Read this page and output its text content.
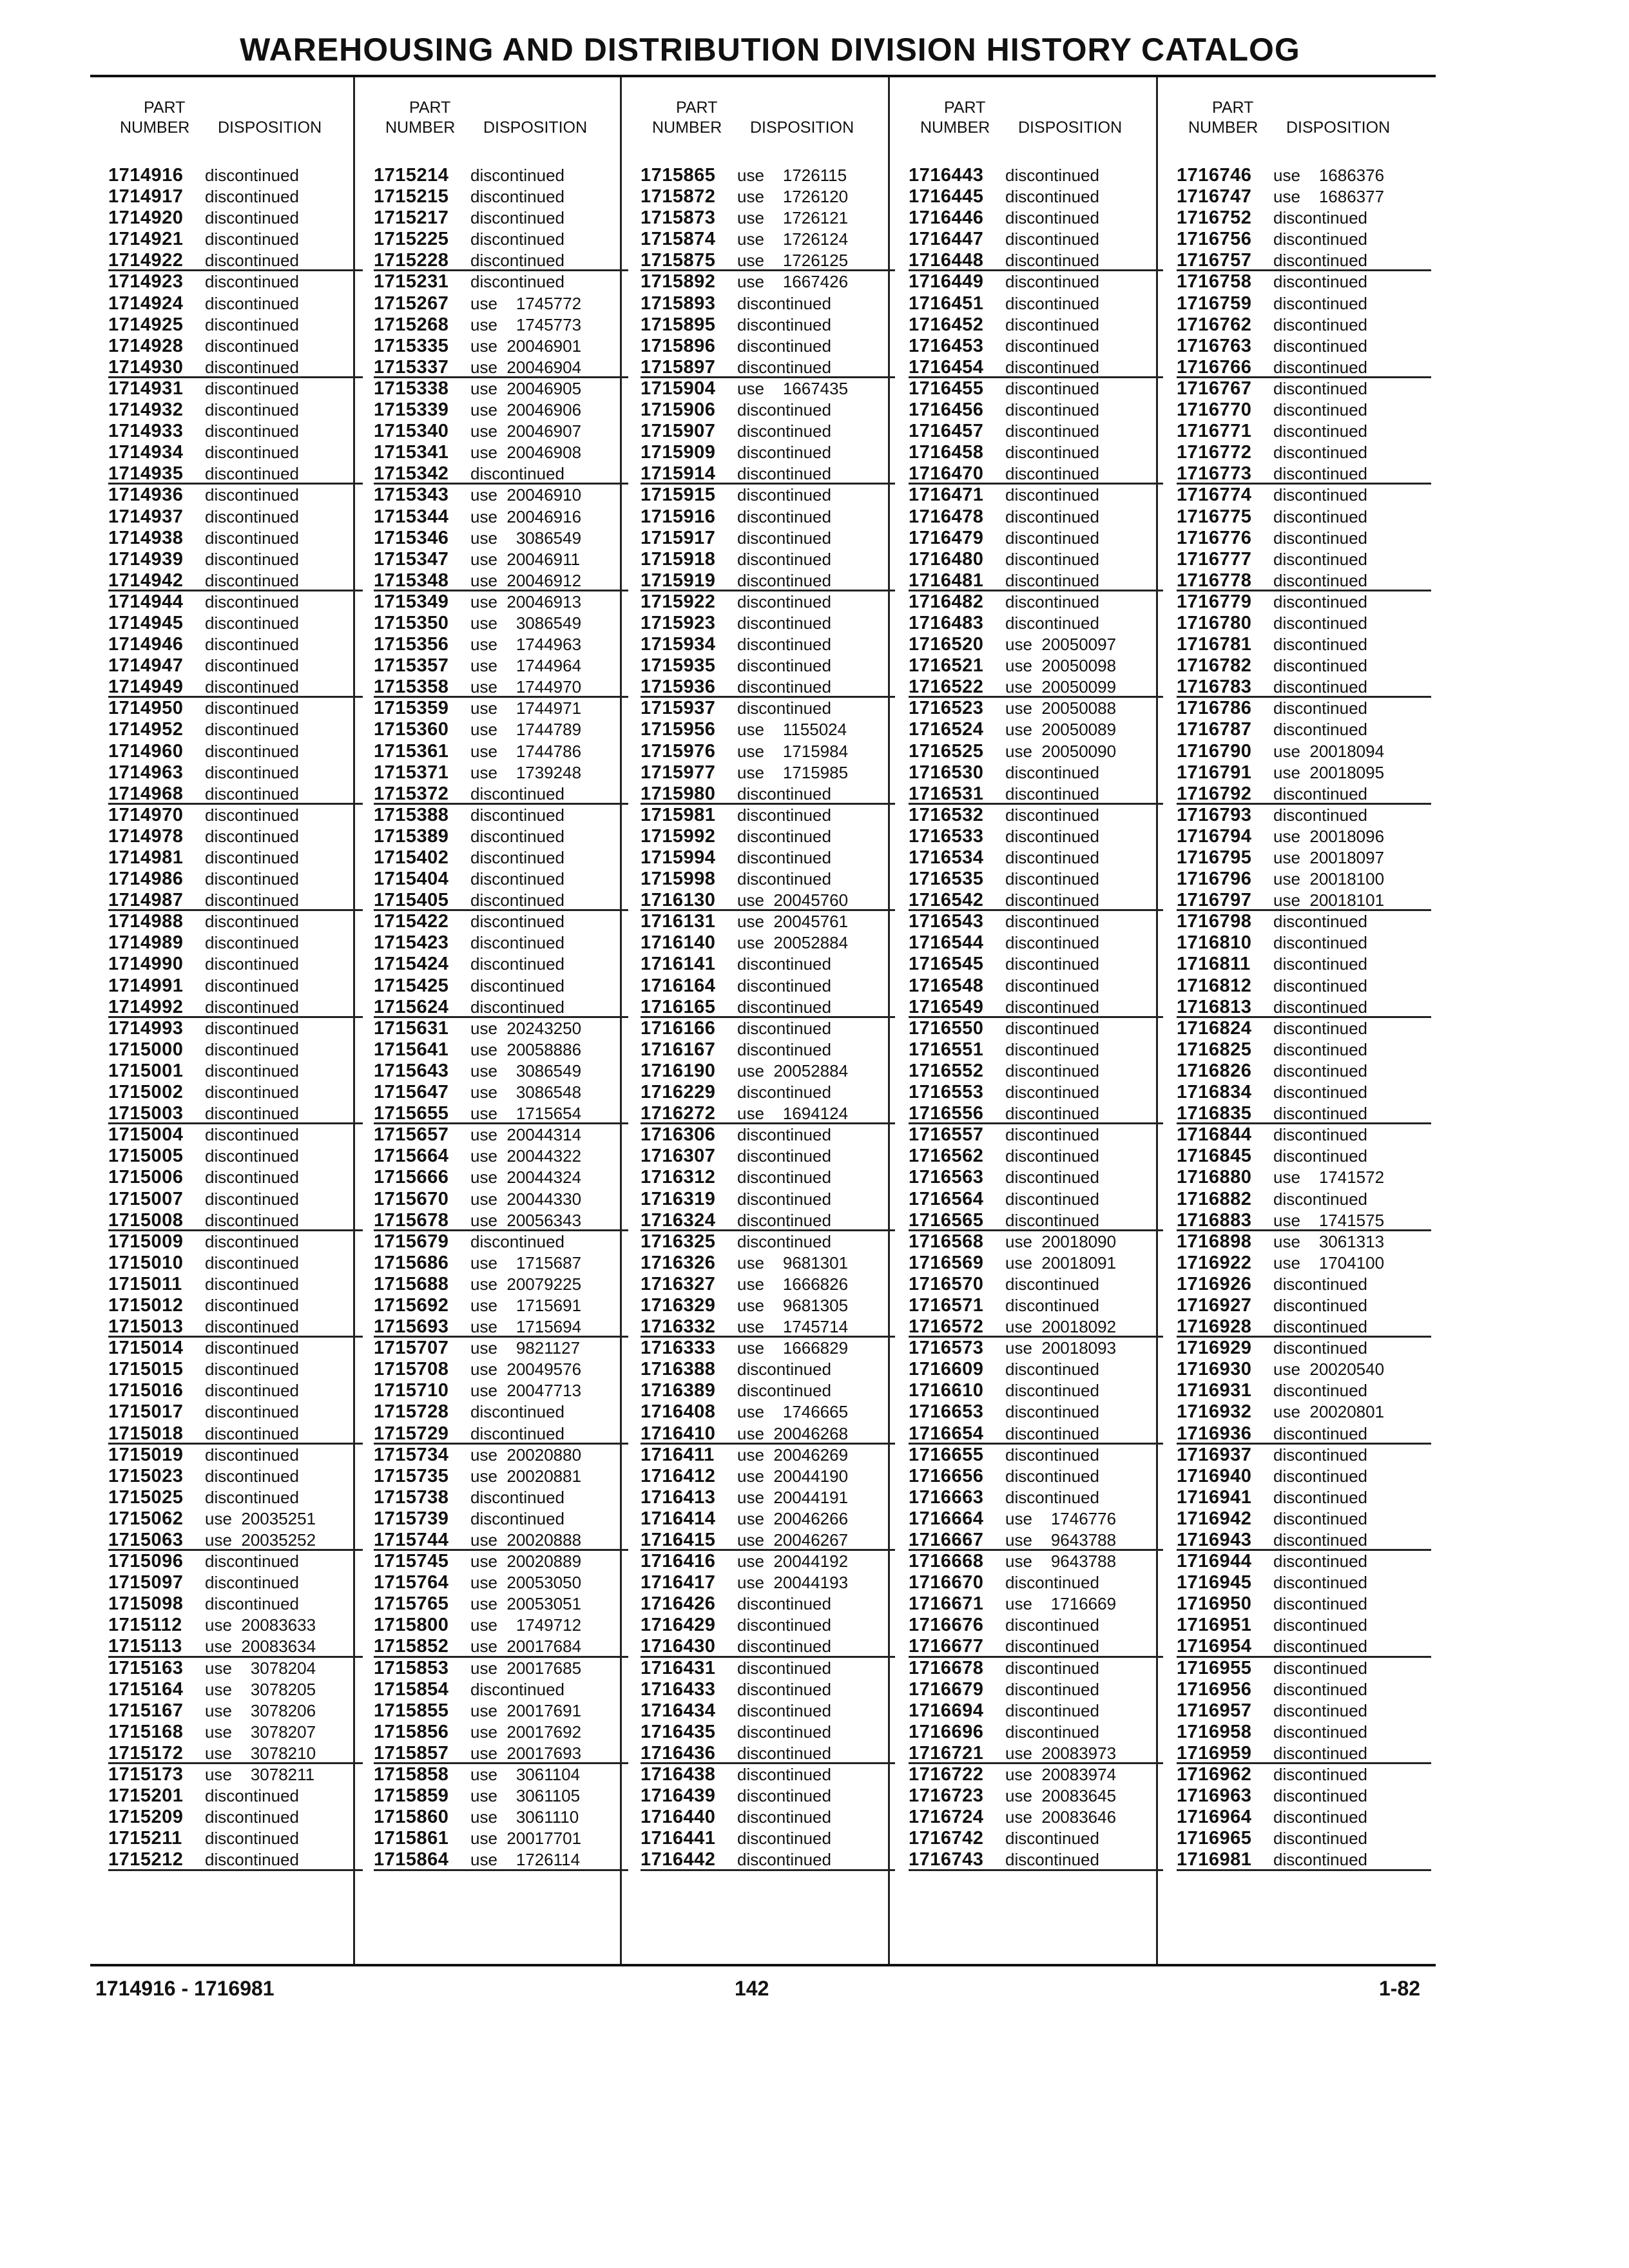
WAREHOUSING AND DISTRIBUTION DIVISION HISTORY CATALOG
PART
NUMBER DISPOSITION
1714916 discontinued
1714917 discontinued
1714920 discontinued
1714921 discontinued
1714922 discontinued
1714923 discontinued
1714924 discontinued
1714925 discontinued
1714928 discontinued
1714930 discontinued
1714931 discontinued
1714932 discontinued
1714933 discontinued
1714934 discontinued
1714935 discontinued
1714936 discontinued
1714937 discontinued
1714938 discontinued
1714939 discontinued
1714942 discontinued
1714944 discontinued
1714945 discontinued
1714946 discontinued
1714947 discontinued
1714949 discontinued
1714950 discontinued
1714952 discontinued
1714960 discontinued
1714963 discontinued
1714968 discontinued
1714970 discontinued
1714978 discontinued
1714981 discontinued
1714986 discontinued
1714987 discontinued
1714988 discontinued
1714989 discontinued
1714990 discontinued
1714991 discontinued
1714992 discontinued
1714993 discontinued
1715000 discontinued
1715001 discontinued
1715002 discontinued
1715003 discontinued
1715004 discontinued
1715005 discontinued
1715006 discontinued
1715007 discontinued
1715008 discontinued
1715009 discontinued
1715010 discontinued
1715011 discontinued
1715012 discontinued
1715013 discontinued
1715014 discontinued
1715015 discontinued
1715016 discontinued
1715017 discontinued
1715018 discontinued
1715019 discontinued
1715023 discontinued
1715025 discontinued
1715062 use  20035251
1715063 use  20035252
1715096 discontinued
1715097 discontinued
1715098 discontinued
1715112 use  20083633
1715113 use  20083634
1715163 use    3078204
1715164 use    3078205
1715167 use    3078206
1715168 use    3078207
1715172 use    3078210
1715173 use    3078211
1715201 discontinued
1715209 discontinued
1715211 discontinued
1715212 discontinued
PART
NUMBER DISPOSITION
1715214 discontinued
1715215 discontinued
1715217 discontinued
1715225 discontinued
1715228 discontinued
1715231 discontinued
1715267 use    1745772
1715268 use    1745773
1715335 use  20046901
1715337 use  20046904
1715338 use  20046905
1715339 use  20046906
1715340 use  20046907
1715341 use  20046908
1715342 discontinued
1715343 use  20046910
1715344 use  20046916
1715346 use    3086549
1715347 use  20046911
1715348 use  20046912
1715349 use  20046913
1715350 use    3086549
1715356 use    1744963
1715357 use    1744964
1715358 use    1744970
1715359 use    1744971
1715360 use    1744789
1715361 use    1744786
1715371 use    1739248
1715372 discontinued
1715388 discontinued
1715389 discontinued
1715402 discontinued
1715404 discontinued
1715405 discontinued
1715422 discontinued
1715423 discontinued
1715424 discontinued
1715425 discontinued
1715624 discontinued
1715631 use  20243250
1715641 use  20058886
1715643 use    3086549
1715647 use    3086548
1715655 use    1715654
1715657 use  20044314
1715664 use  20044322
1715666 use  20044324
1715670 use  20044330
1715678 use  20056343
1715679 discontinued
1715686 use    1715687
1715688 use  20079225
1715692 use    1715691
1715693 use    1715694
1715707 use    9821127
1715708 use  20049576
1715710 use  20047713
1715728 discontinued
1715729 discontinued
1715734 use  20020880
1715735 use  20020881
1715738 discontinued
1715739 discontinued
1715744 use  20020888
1715745 use  20020889
1715764 use  20053050
1715765 use  20053051
1715800 use    1749712
1715852 use  20017684
1715853 use  20017685
1715854 discontinued
1715855 use  20017691
1715856 use  20017692
1715857 use  20017693
1715858 use    3061104
1715859 use    3061105
1715860 use    3061110
1715861 use  20017701
1715864 use    1726114
PART
NUMBER DISPOSITION
1715865 use    1726115
1715872 use    1726120
1715873 use    1726121
1715874 use    1726124
1715875 use    1726125
1715892 use    1667426
1715893 discontinued
1715895 discontinued
1715896 discontinued
1715897 discontinued
1715904 use    1667435
1715906 discontinued
1715907 discontinued
1715909 discontinued
1715914 discontinued
1715915 discontinued
1715916 discontinued
1715917 discontinued
1715918 discontinued
1715919 discontinued
1715922 discontinued
1715923 discontinued
1715934 discontinued
1715935 discontinued
1715936 discontinued
1715937 discontinued
1715956 use    1155024
1715976 use    1715984
1715977 use    1715985
1715980 discontinued
1715981 discontinued
1715992 discontinued
1715994 discontinued
1715998 discontinued
1716130 use  20045760
1716131 use  20045761
1716140 use  20052884
1716141 discontinued
1716164 discontinued
1716165 discontinued
1716166 discontinued
1716167 discontinued
1716190 use  20052884
1716229 discontinued
1716272 use    1694124
1716306 discontinued
1716307 discontinued
1716312 discontinued
1716319 discontinued
1716324 discontinued
1716325 discontinued
1716326 use    9681301
1716327 use    1666826
1716329 use    9681305
1716332 use    1745714
1716333 use    1666829
1716388 discontinued
1716389 discontinued
1716408 use    1746665
1716410 use  20046268
1716411 use  20046269
1716412 use  20044190
1716413 use  20044191
1716414 use  20046266
1716415 use  20046267
1716416 use  20044192
1716417 use  20044193
1716426 discontinued
1716429 discontinued
1716430 discontinued
1716431 discontinued
1716433 discontinued
1716434 discontinued
1716435 discontinued
1716436 discontinued
1716438 discontinued
1716439 discontinued
1716440 discontinued
1716441 discontinued
1716442 discontinued
PART
NUMBER DISPOSITION
1716443 discontinued
1716445 discontinued
1716446 discontinued
1716447 discontinued
1716448 discontinued
1716449 discontinued
1716451 discontinued
1716452 discontinued
1716453 discontinued
1716454 discontinued
1716455 discontinued
1716456 discontinued
1716457 discontinued
1716458 discontinued
1716470 discontinued
1716471 discontinued
1716478 discontinued
1716479 discontinued
1716480 discontinued
1716481 discontinued
1716482 discontinued
1716483 discontinued
1716520 use  20050097
1716521 use  20050098
1716522 use  20050099
1716523 use  20050088
1716524 use  20050089
1716525 use  20050090
1716530 discontinued
1716531 discontinued
1716532 discontinued
1716533 discontinued
1716534 discontinued
1716535 discontinued
1716542 discontinued
1716543 discontinued
1716544 discontinued
1716545 discontinued
1716548 discontinued
1716549 discontinued
1716550 discontinued
1716551 discontinued
1716552 discontinued
1716553 discontinued
1716556 discontinued
1716557 discontinued
1716562 discontinued
1716563 discontinued
1716564 discontinued
1716565 discontinued
1716568 use  20018090
1716569 use  20018091
1716570 discontinued
1716571 discontinued
1716572 use  20018092
1716573 use  20018093
1716609 discontinued
1716610 discontinued
1716653 discontinued
1716654 discontinued
1716655 discontinued
1716656 discontinued
1716663 discontinued
1716664 use    1746776
1716667 use    9643788
1716668 use    9643788
1716670 discontinued
1716671 use    1716669
1716676 discontinued
1716677 discontinued
1716678 discontinued
1716679 discontinued
1716694 discontinued
1716696 discontinued
1716721 use  20083973
1716722 use  20083974
1716723 use  20083645
1716724 use  20083646
1716742 discontinued
1716743 discontinued
PART
NUMBER DISPOSITION
1716746 use    1686376
1716747 use    1686377
1716752 discontinued
1716756 discontinued
1716757 discontinued
1716758 discontinued
1716759 discontinued
1716762 discontinued
1716763 discontinued
1716766 discontinued
1716767 discontinued
1716770 discontinued
1716771 discontinued
1716772 discontinued
1716773 discontinued
1716774 discontinued
1716775 discontinued
1716776 discontinued
1716777 discontinued
1716778 discontinued
1716779 discontinued
1716780 discontinued
1716781 discontinued
1716782 discontinued
1716783 discontinued
1716786 discontinued
1716787 discontinued
1716790 use  20018094
1716791 use  20018095
1716792 discontinued
1716793 discontinued
1716794 use  20018096
1716795 use  20018097
1716796 use  20018100
1716797 use  20018101
1716798 discontinued
1716810 discontinued
1716811 discontinued
1716812 discontinued
1716813 discontinued
1716824 discontinued
1716825 discontinued
1716826 discontinued
1716834 discontinued
1716835 discontinued
1716844 discontinued
1716845 discontinued
1716880 use    1741572
1716882 discontinued
1716883 use    1741575
1716898 use    3061313
1716922 use    1704100
1716926 discontinued
1716927 discontinued
1716928 discontinued
1716929 discontinued
1716930 use  20020540
1716931 discontinued
1716932 use  20020801
1716936 discontinued
1716937 discontinued
1716940 discontinued
1716941 discontinued
1716942 discontinued
1716943 discontinued
1716944 discontinued
1716945 discontinued
1716950 discontinued
1716951 discontinued
1716954 discontinued
1716955 discontinued
1716956 discontinued
1716957 discontinued
1716958 discontinued
1716959 discontinued
1716962 discontinued
1716963 discontinued
1716964 discontinued
1716965 discontinued
1716981 discontinued
1714916 - 1716981	142	1-82
